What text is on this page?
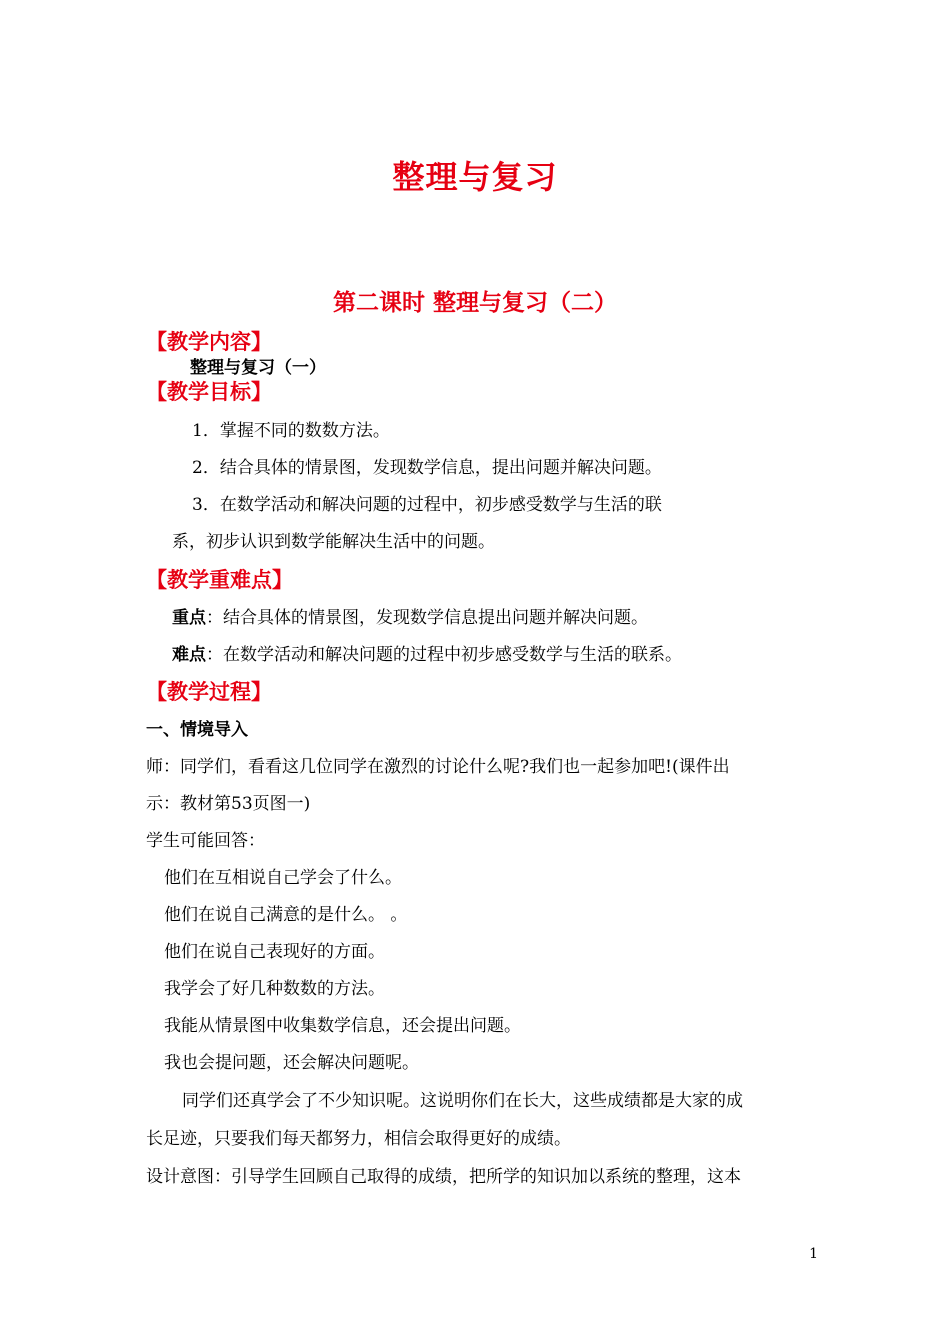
整理与复习
第二课时 整理与复习（二）
【教学内容】
整理与复习（一）
【教学目标】
1．掌握不同的数数方法。
2．结合具体的情景图，发现数学信息，提出问题并解决问题。
3．在数学活动和解决问题的过程中，初步感受数学与生活的联
系，初步认识到数学能解决生活中的问题。
【教学重难点】
重点：结合具体的情景图，发现数学信息提出问题并解决问题。
难点：在数学活动和解决问题的过程中初步感受数学与生活的联系。
【教学过程】
一、情境导入
师：同学们，看看这几位同学在激烈的讨论什么呢?我们也一起参加吧!(课件出
示：教材第53页图一)
学生可能回答：
他们在互相说自己学会了什么。
他们在说自己满意的是什么。 。
他们在说自己表现好的方面。
我学会了好几种数数的方法。
我能从情景图中收集数学信息，还会提出问题。
我也会提问题，还会解决问题呢。
同学们还真学会了不少知识呢。这说明你们在长大，这些成绩都是大家的成
长足迹，只要我们每天都努力，相信会取得更好的成绩。
设计意图：引导学生回顾自己取得的成绩，把所学的知识加以系统的整理，这本
1
